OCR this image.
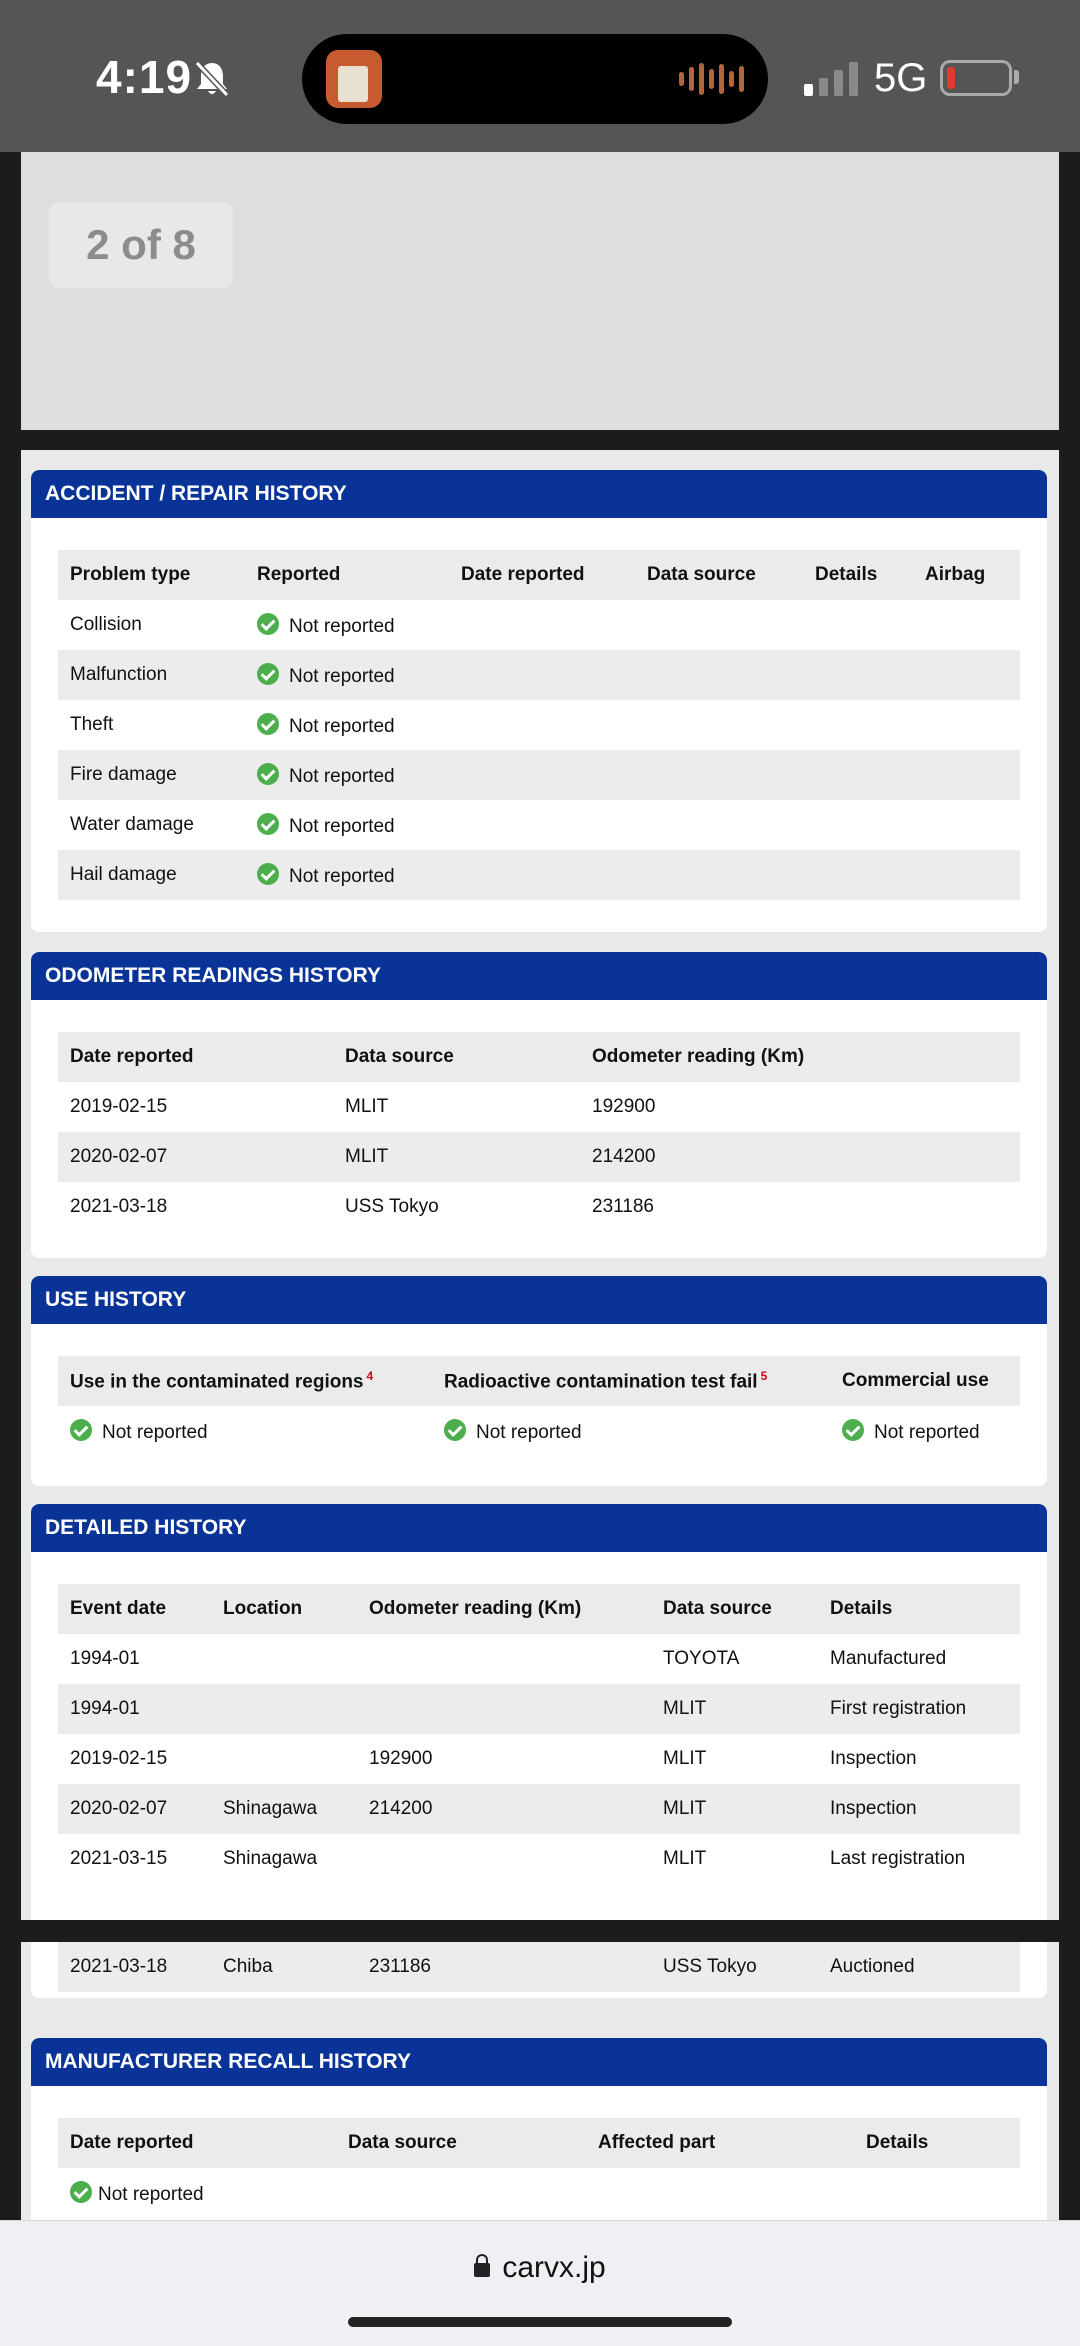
4:19	5G
2 of 8
ACCIDENT / REPAIR HISTORY
Problem type	Reported	Date reported	Data source	Details	Airbag
Collision	Not reported				
Malfunction	Not reported				
Theft	Not reported				
Fire damage	Not reported				
Water damage	Not reported				
Hail damage	Not reported				
ODOMETER READINGS HISTORY
Date reported	Data source	Odometer reading (Km)
2019-02-15	MLIT	192900
2020-02-07	MLIT	214200
2021-03-18	USS Tokyo	231186
USE HISTORY
Use in the contaminated regions $^4$	Radioactive contamination test fail $^5$	Commercial use
Not reported	Not reported	Not reported
DETAILED HISTORY
Event date	Location	Odometer reading (Km)	Data source	Details
1994-01			TOYOTA	Manufactured
1994-01			MLIT	First registration
2019-02-15		192900	MLIT	Inspection
2020-02-07	Shinagawa	214200	MLIT	Inspection
2021-03-15	Shinagawa		MLIT	Last registration
2021-03-18	Chiba	231186	USS Tokyo	Auctioned
MANUFACTURER RECALL HISTORY
Date reported	Data source	Affected part	Details
Not reported
carvx.jp
